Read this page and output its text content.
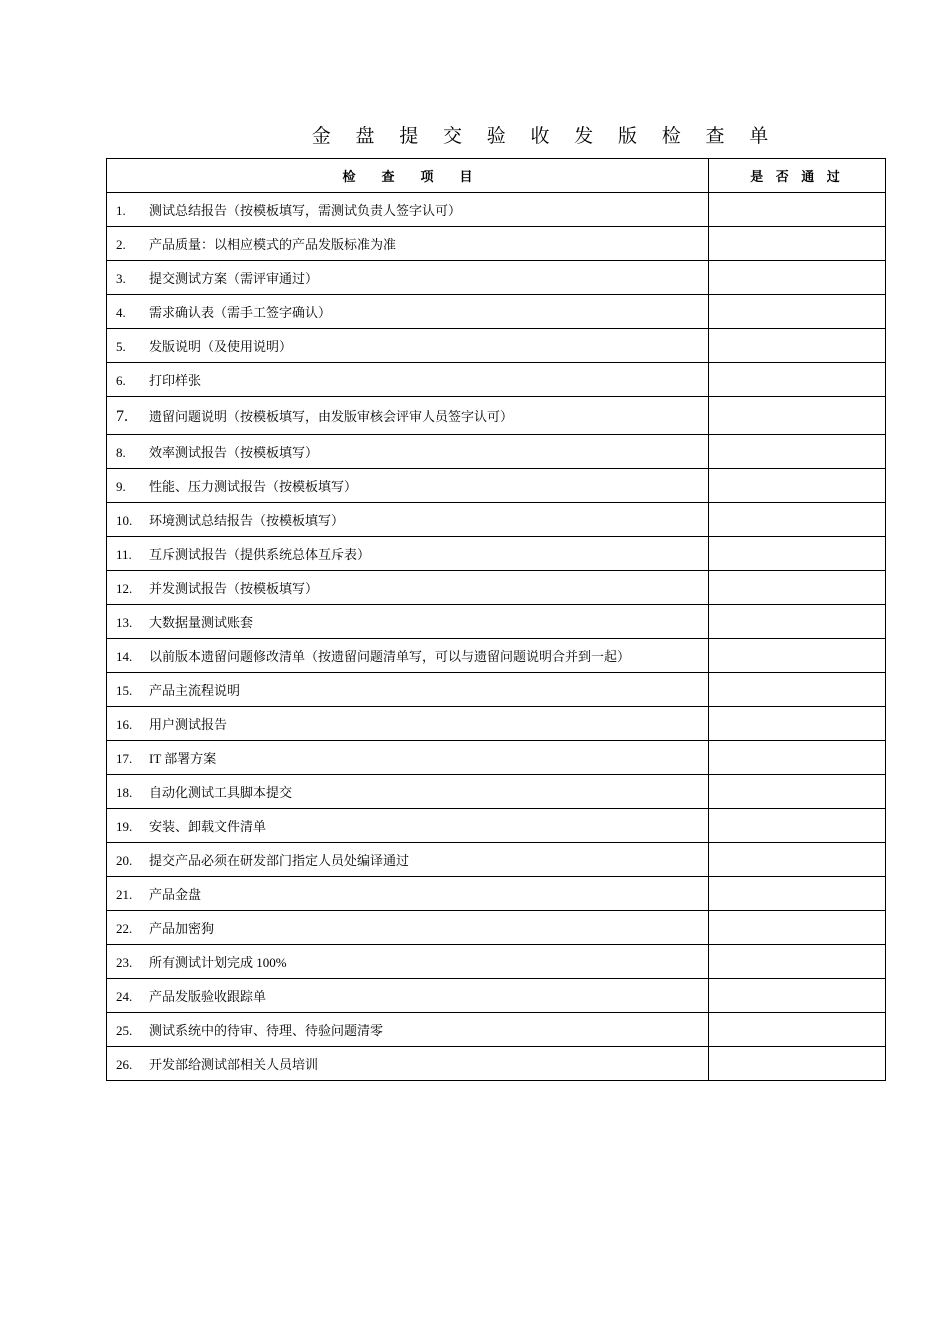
金 盘 提 交 验 收 发 版 检 查 单
检 查 项 目	是 否 通 过
1. 测试总结报告（按模板填写，需测试负责人签字认可）	
2. 产品质量：以相应模式的产品发版标准为准	
3. 提交测试方案（需评审通过）	
4. 需求确认表（需手工签字确认）	
5. 发版说明（及使用说明）	
6. 打印样张	
7. 遗留问题说明（按模板填写，由发版审核会评审人员签字认可）	
8. 效率测试报告（按模板填写）	
9. 性能、压力测试报告（按模板填写）	
10. 环境测试总结报告（按模板填写）	
11. 互斥测试报告（提供系统总体互斥表）	
12. 并发测试报告（按模板填写）	
13. 大数据量测试账套	
14. 以前版本遗留问题修改清单（按遗留问题清单写，可以与遗留问题说明合并到一起）	
15. 产品主流程说明	
16. 用户测试报告	
17. IT 部署方案	
18. 自动化测试工具脚本提交	
19. 安装、卸载文件清单	
20. 提交产品必须在研发部门指定人员处编译通过	
21. 产品金盘	
22. 产品加密狗	
23. 所有测试计划完成 100%	
24. 产品发版验收跟踪单	
25. 测试系统中的待审、待理、待验问题清零	
26. 开发部给测试部相关人员培训	
